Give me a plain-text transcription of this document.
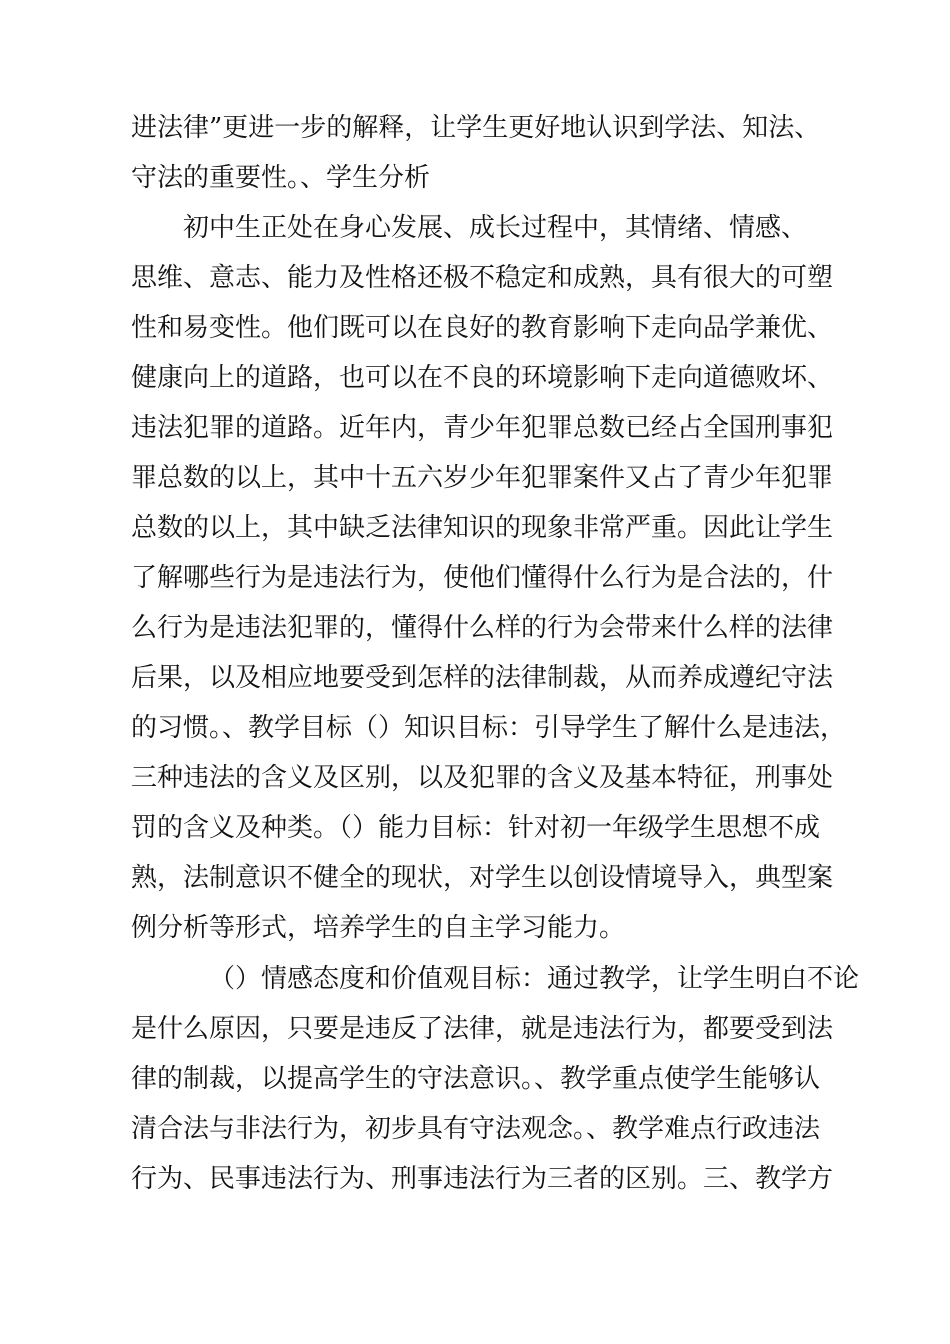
进法律”更进一步的解释，让学生更好地认识到学法、知法、
守法的重要性。、学生分析
初中生正处在身心发展、成长过程中，其情绪、情感、
思维、意志、能力及性格还极不稳定和成熟，具有很大的可塑
性和易变性。他们既可以在良好的教育影响下走向品学兼优、
健康向上的道路，也可以在不良的环境影响下走向道德败坏、
违法犯罪的道路。近年内，青少年犯罪总数已经占全国刑事犯
罪总数的以上，其中十五六岁少年犯罪案件又占了青少年犯罪
总数的以上，其中缺乏法律知识的现象非常严重。因此让学生
了解哪些行为是违法行为，使他们懂得什么行为是合法的，什
么行为是违法犯罪的，懂得什么样的行为会带来什么样的法律
后果，以及相应地要受到怎样的法律制裁，从而养成遵纪守法
的习惯。、教学目标（）知识目标：引导学生了解什么是违法，
三种违法的含义及区别，以及犯罪的含义及基本特征，刑事处
罚的含义及种类。（）能力目标：针对初一年级学生思想不成
熟，法制意识不健全的现状，对学生以创设情境导入，典型案
例分析等形式，培养学生的自主学习能力。
（）情感态度和价值观目标：通过教学，让学生明白不论
是什么原因，只要是违反了法律，就是违法行为，都要受到法
律的制裁，以提高学生的守法意识。、教学重点使学生能够认
清合法与非法行为，初步具有守法观念。、教学难点行政违法
行为、民事违法行为、刑事违法行为三者的区别。三、教学方
